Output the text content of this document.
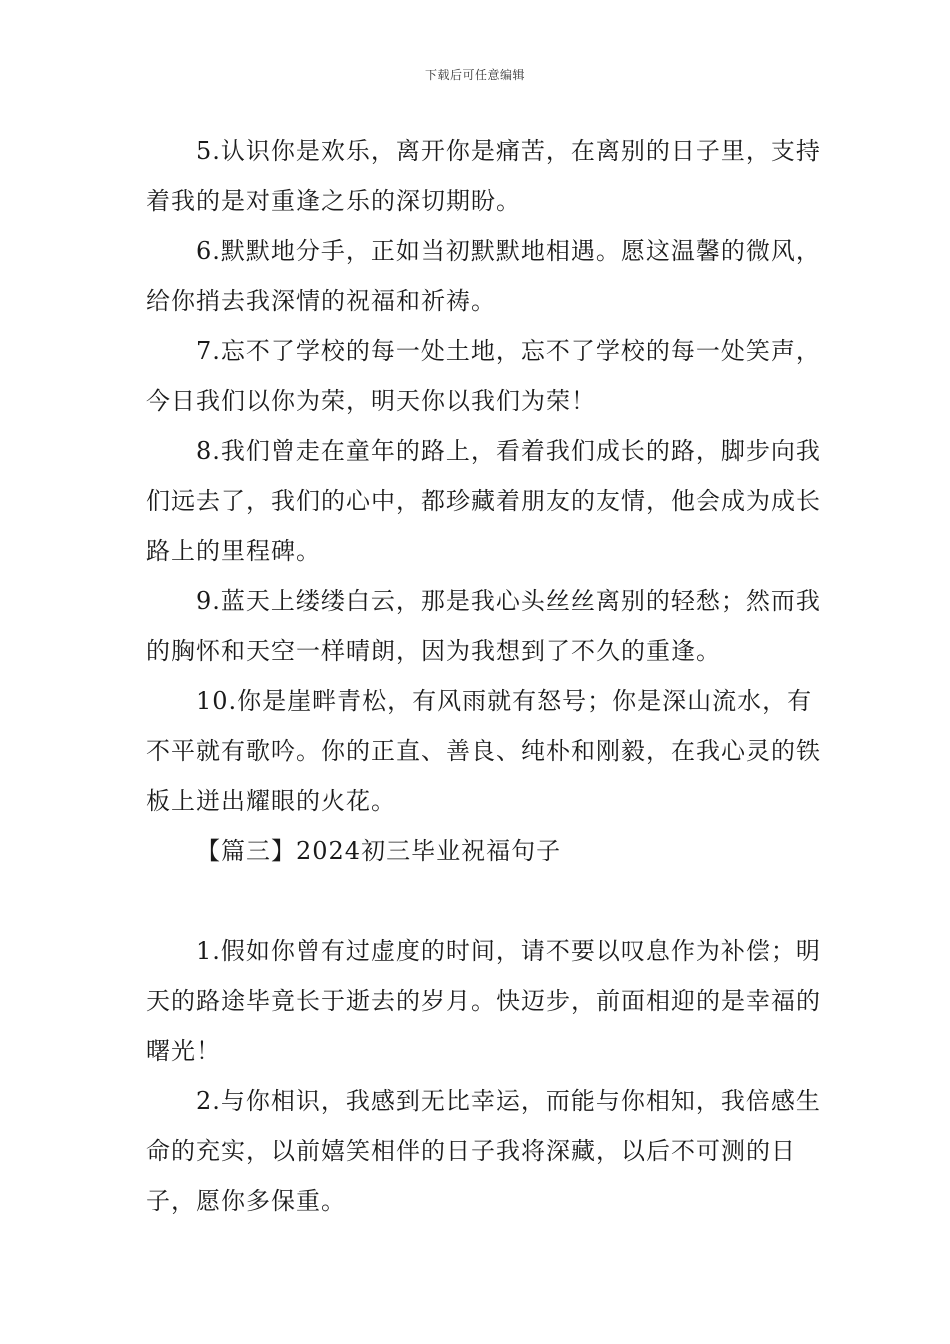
下载后可任意编辑

5.认识你是欢乐，离开你是痛苦，在离别的日子里，支持着我的是对重逢之乐的深切期盼。

6.默默地分手，正如当初默默地相遇。愿这温馨的微风，给你捎去我深情的祝福和祈祷。

7.忘不了学校的每一处土地，忘不了学校的每一处笑声，今日我们以你为荣，明天你以我们为荣！

8.我们曾走在童年的路上，看着我们成长的路，脚步向我们远去了，我们的心中，都珍藏着朋友的友情，他会成为成长路上的里程碑。

9.蓝天上缕缕白云，那是我心头丝丝离别的轻愁；然而我的胸怀和天空一样晴朗，因为我想到了不久的重逢。

10.你是崖畔青松，有风雨就有怒号；你是深山流水，有不平就有歌吟。你的正直、善良、纯朴和刚毅，在我心灵的铁板上迸出耀眼的火花。

【篇三】2024初三毕业祝福句子

1.假如你曾有过虚度的时间，请不要以叹息作为补偿；明天的路途毕竟长于逝去的岁月。快迈步，前面相迎的是幸福的曙光！

2.与你相识，我感到无比幸运，而能与你相知，我倍感生命的充实，以前嬉笑相伴的日子我将深藏，以后不可测的日子，愿你多保重。
